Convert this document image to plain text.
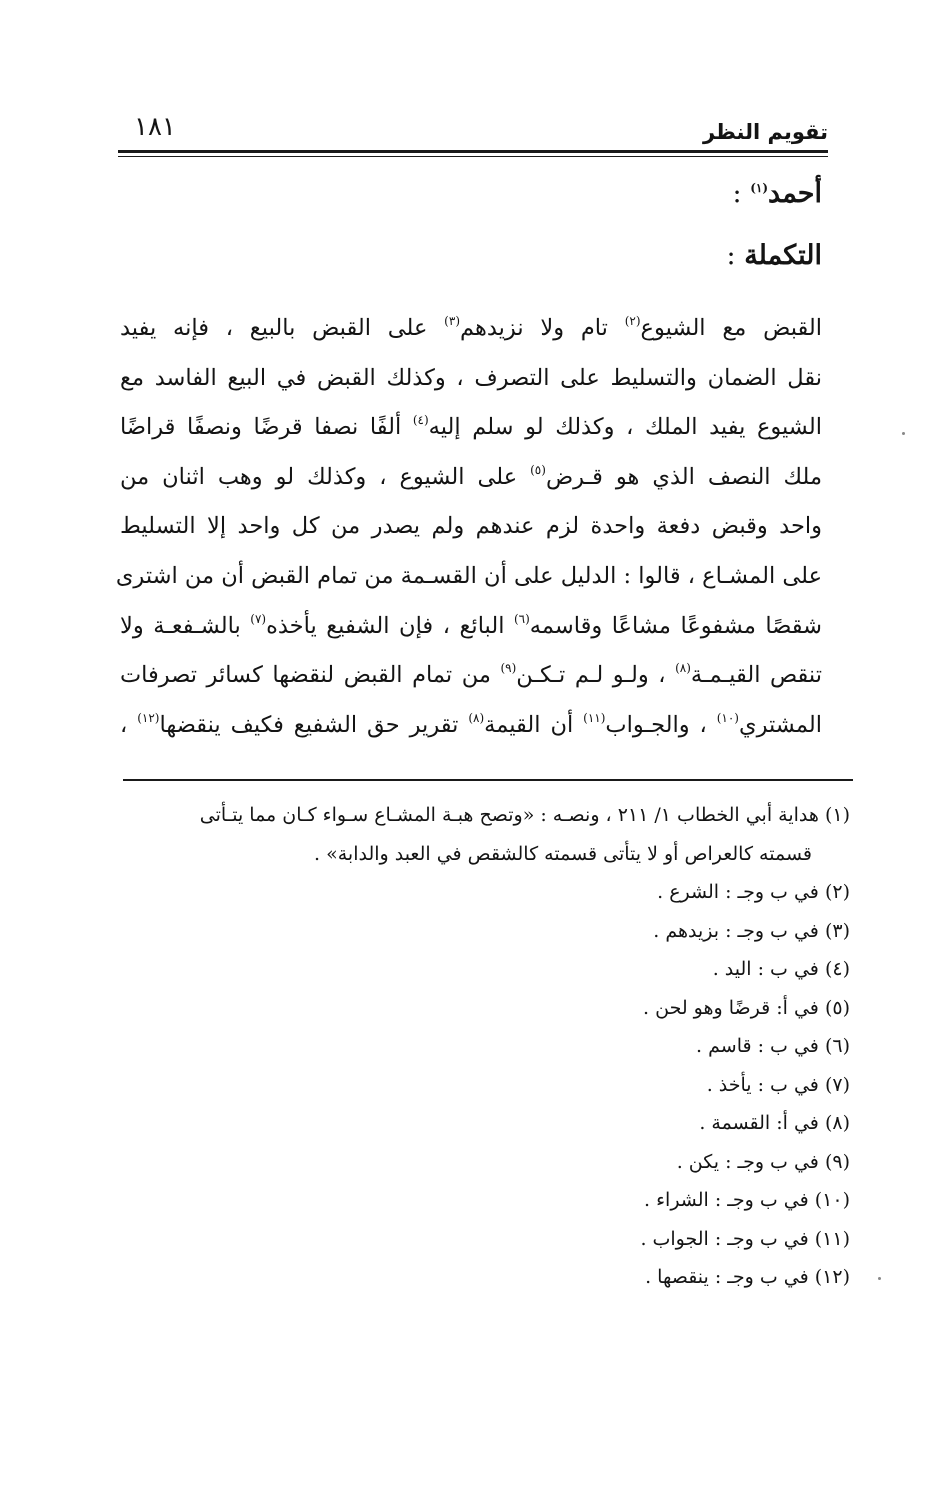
تقويم النظر
١٨١

أحمد$^{(١)}$ :

التكملة :

القبض مع الشيوع$^{(٢)}$ تام ولا نزيدهم$^{(٣)}$ على القبض بالبيع ، فإنه يفيد
نقل الضمان والتسليط على التصرف ، وكذلك القبض في البيع الفاسد مع
الشيوع يفيد الملك ، وكذلك لو سلم إليه$^{(٤)}$ ألفًا نصفا قرضًا ونصفًا قراضًا
ملك النصف الذي هو قـرض$^{(٥)}$ على الشيوع ، وكذلك لو وهب اثنان من
واحد وقبض دفعة واحدة لزم عندهم ولم يصدر من كل واحد إلا التسليط
على المشـاع ، قالوا : الدليل على أن القسـمة من تمام القبض أن من اشترى
شقصًا مشفوعًا مشاعًا وقاسمه$^{(٦)}$ البائع ، فإن الشفيع يأخذه$^{(٧)}$ بالشـفعـة ولا
تنقص القيـمـة$^{(٨)}$ ، ولـو لـم تـكـن$^{(٩)}$ من تمام القبض لنقضها كسائر تصرفات
المشتري$^{(١٠)}$ ، والجـواب$^{(١١)}$ أن القيمة$^{(٨)}$ تقرير حق الشفيع فكيف ينقضها$^{(١٢)}$ ،
(١) هداية أبي الخطاب ١/ ٢١١ ، ونصـه : «وتصح هبـة المشـاع سـواء كـان مما يتـأتى
قسمته كالعراص أو لا يتأتى قسمته كالشقص في العبد والدابة» .
(٢) في ب وجـ : الشرع .
(٣) في ب وجـ : بزيدهم .
(٤) في ب : اليد .
(٥) في أ: قرضًا وهو لحن .
(٦) في ب : قاسم .
(٧) في ب : يأخذ .
(٨) في أ: القسمة .
(٩) في ب وجـ : يكن .
(١٠) في ب وجـ : الشراء .
(١١) في ب وجـ : الجواب .
(١٢) في ب وجـ : ينقصها .
